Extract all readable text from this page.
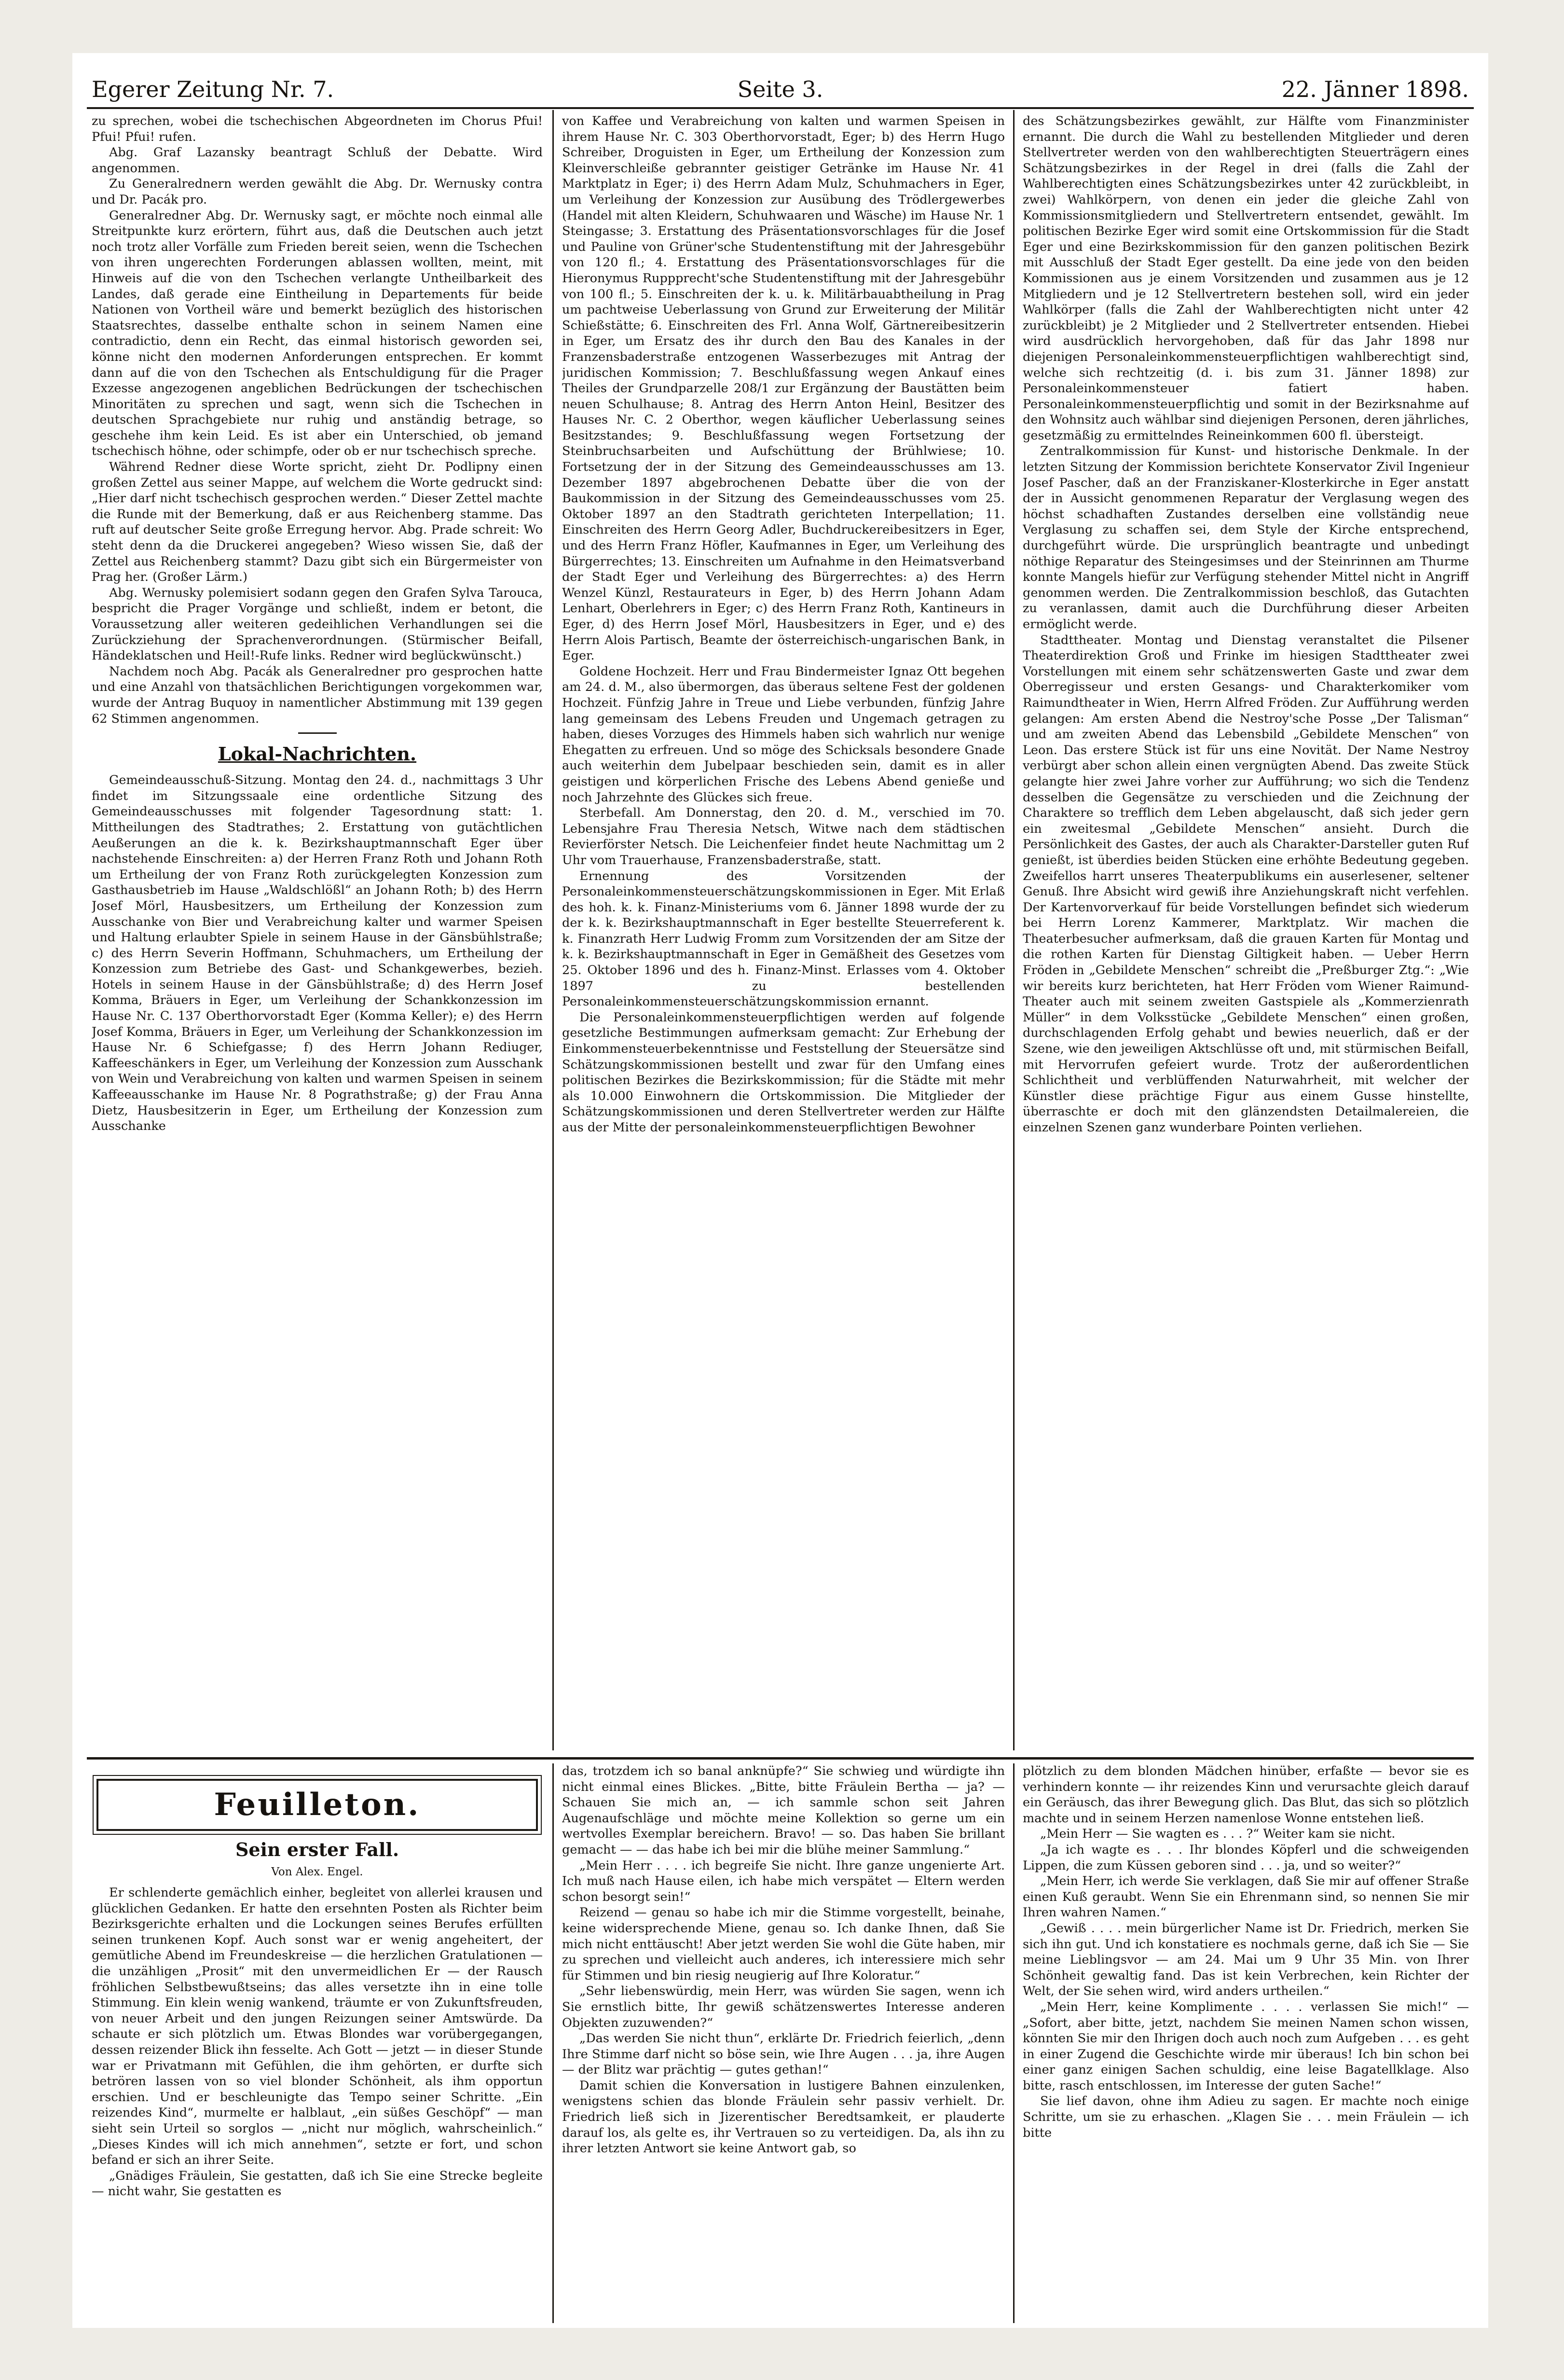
Egerer Zeitung Nr. 7.	Seite 3.	22. Jänner 1898.

zu sprechen, wobei die tschechischen Abgeordneten im Chorus Pfui! Pfui! Pfui! rufen.

Abg. Graf Lazansky beantragt Schluß der Debatte. Wird angenommen.

Zu Generalrednern werden gewählt die Abg. Dr. Wernusky contra und Dr. Pacák pro.

Generalredner Abg. Dr. Wernusky sagt, er möchte noch einmal alle Streitpunkte kurz erörtern, führt aus, daß die Deutschen auch jetzt noch trotz aller Vorfälle zum Frieden bereit seien, wenn die Tschechen von ihren ungerechten Forderungen ablassen wollten, meint, mit Hinweis auf die von den Tschechen verlangte Untheilbarkeit des Landes, daß gerade eine Eintheilung in Departements für beide Nationen von Vortheil wäre und bemerkt bezüglich des historischen Staatsrechtes, dasselbe enthalte schon in seinem Namen eine contradictio, denn ein Recht, das einmal historisch geworden sei, könne nicht den modernen Anforderungen entsprechen. Er kommt dann auf die von den Tschechen als Entschuldigung für die Prager Exzesse angezogenen angeblichen Bedrückungen der tschechischen Minoritäten zu sprechen und sagt, wenn sich die Tschechen in deutschen Sprachgebiete nur ruhig und anständig betrage, so geschehe ihm kein Leid. Es ist aber ein Unterschied, ob jemand tschechisch höhne, oder schimpfe, oder ob er nur tschechisch spreche.

Während Redner diese Worte spricht, zieht Dr. Podlipny einen großen Zettel aus seiner Mappe, auf welchem die Worte gedruckt sind: „Hier darf nicht tschechisch gesprochen werden.“ Dieser Zettel machte die Runde mit der Bemerkung, daß er aus Reichenberg stamme. Das ruft auf deutscher Seite große Erregung hervor. Abg. Prade schreit: Wo steht denn da die Druckerei angegeben? Wieso wissen Sie, daß der Zettel aus Reichenberg stammt? Dazu gibt sich ein Bürgermeister von Prag her. (Großer Lärm.)

Abg. Wernusky polemisiert sodann gegen den Grafen Sylva Tarouca, bespricht die Prager Vorgänge und schließt, indem er betont, die Voraussetzung aller weiteren gedeihlichen Verhandlungen sei die Zurückziehung der Sprachenverordnungen. (Stürmischer Beifall, Händeklatschen und Heil!-Rufe links. Redner wird beglückwünscht.)

Nachdem noch Abg. Pacák als Generalredner pro gesprochen hatte und eine Anzahl von thatsächlichen Berichtigungen vorgekommen war, wurde der Antrag Buquoy in namentlicher Abstimmung mit 139 gegen 62 Stimmen angenommen.

Lokal-Nachrichten.

Gemeindeausschuß-Sitzung. Montag den 24. d., nachmittags 3 Uhr findet im Sitzungssaale eine ordentliche Sitzung des Gemeindeausschusses mit folgender Tagesordnung statt: 1. Mittheilungen des Stadtrathes; 2. Erstattung von gutächtlichen Aeußerungen an die k. k. Bezirkshauptmannschaft Eger über nachstehende Einschreiten: a) der Herren Franz Roth und Johann Roth um Ertheilung der von Franz Roth zurückgelegten Konzession zum Gasthausbetrieb im Hause „Waldschlößl“ an Johann Roth; b) des Herrn Josef Mörl, Hausbesitzers, um Ertheilung der Konzession zum Ausschanke von Bier und Verabreichung kalter und warmer Speisen und Haltung erlaubter Spiele in seinem Hause in der Gänsbühlstraße; c) des Herrn Severin Hoffmann, Schuhmachers, um Ertheilung der Konzession zum Betriebe des Gast- und Schankgewerbes, bezieh. Hotels in seinem Hause in der Gänsbühlstraße; d) des Herrn Josef Komma, Bräuers in Eger, um Verleihung der Schankkonzession im Hause Nr. C. 137 Oberthorvorstadt Eger (Komma Keller); e) des Herrn Josef Komma, Bräuers in Eger, um Verleihung der Schankkonzession im Hause Nr. 6 Schiefgasse; f) des Herrn Johann Rediuger, Kaffeeschänkers in Eger, um Verleihung der Konzession zum Ausschank von Wein und Verabreichung von kalten und warmen Speisen in seinem Kaffeeausschanke im Hause Nr. 8 Pograthstraße; g) der Frau Anna Dietz, Hausbesitzerin in Eger, um Ertheilung der Konzession zum Ausschanke

von Kaffee und Verabreichung von kalten und warmen Speisen in ihrem Hause Nr. C. 303 Oberthorvorstadt, Eger; b) des Herrn Hugo Schreiber, Droguisten in Eger, um Ertheilung der Konzession zum Kleinverschleiße gebrannter geistiger Getränke im Hause Nr. 41 Marktplatz in Eger; i) des Herrn Adam Mulz, Schuhmachers in Eger, um Verleihung der Konzession zur Ausübung des Trödlergewerbes (Handel mit alten Kleidern, Schuhwaaren und Wäsche) im Hause Nr. 1 Steingasse; 3. Erstattung des Präsentationsvorschlages für die Josef und Pauline von Grüner'sche Studentenstiftung mit der Jahresgebühr von 120 fl.; 4. Erstattung des Präsentationsvorschlages für die Hieronymus Ruppprecht'sche Studentenstiftung mit der Jahresgebühr von 100 fl.; 5. Einschreiten der k. u. k. Militärbauabtheilung in Prag um pachtweise Ueberlassung von Grund zur Erweiterung der Militär Schießstätte; 6. Einschreiten des Frl. Anna Wolf, Gärtnereibesitzerin in Eger, um Ersatz des ihr durch den Bau des Kanales in der Franzensbaderstraße entzogenen Wasserbezuges mit Antrag der juridischen Kommission; 7. Beschlußfassung wegen Ankauf eines Theiles der Grundparzelle 208/1 zur Ergänzung der Baustätten beim neuen Schulhause; 8. Antrag des Herrn Anton Heinl, Besitzer des Hauses Nr. C. 2 Oberthor, wegen käuflicher Ueberlassung seines Besitzstandes; 9. Beschlußfassung wegen Fortsetzung der Steinbruchsarbeiten und Aufschüttung der Brühlwiese; 10. Fortsetzung der in der Sitzung des Gemeindeausschusses am 13. Dezember 1897 abgebrochenen Debatte über die von der Baukommission in der Sitzung des Gemeindeausschusses vom 25. Oktober 1897 an den Stadtrath gerichteten Interpellation; 11. Einschreiten des Herrn Georg Adler, Buchdruckereibesitzers in Eger, und des Herrn Franz Höfler, Kaufmannes in Eger, um Verleihung des Bürgerrechtes; 13. Einschreiten um Aufnahme in den Heimatsverband der Stadt Eger und Verleihung des Bürgerrechtes: a) des Herrn Wenzel Künzl, Restaurateurs in Eger, b) des Herrn Johann Adam Lenhart, Oberlehrers in Eger; c) des Herrn Franz Roth, Kantineurs in Eger, d) des Herrn Josef Mörl, Hausbesitzers in Eger, und e) des Herrn Alois Partisch, Beamte der österreichisch-ungarischen Bank, in Eger.

Goldene Hochzeit. Herr und Frau Bindermeister Ignaz Ott begehen am 24. d. M., also übermorgen, das überaus seltene Fest der goldenen Hochzeit. Fünfzig Jahre in Treue und Liebe verbunden, fünfzig Jahre lang gemeinsam des Lebens Freuden und Ungemach getragen zu haben, dieses Vorzuges des Himmels haben sich wahrlich nur wenige Ehegatten zu erfreuen. Und so möge des Schicksals besondere Gnade auch weiterhin dem Jubelpaar beschieden sein, damit es in aller geistigen und körperlichen Frische des Lebens Abend genieße und noch Jahrzehnte des Glückes sich freue.

Sterbefall. Am Donnerstag, den 20. d. M., verschied im 70. Lebensjahre Frau Theresia Netsch, Witwe nach dem städtischen Revierförster Netsch. Die Leichenfeier findet heute Nachmittag um 2 Uhr vom Trauerhause, Franzensbaderstraße, statt.

Ernennung des Vorsitzenden der Personaleinkommensteuerschätzungskommissionen in Eger. Mit Erlaß des hoh. k. k. Finanz-Ministeriums vom 6. Jänner 1898 wurde der zu der k. k. Bezirkshauptmannschaft in Eger bestellte Steuerreferent k. k. Finanzrath Herr Ludwig Fromm zum Vorsitzenden der am Sitze der k. k. Bezirkshauptmannschaft in Eger in Gemäßheit des Gesetzes vom 25. Oktober 1896 und des h. Finanz-Minst. Erlasses vom 4. Oktober 1897 zu bestellenden Personaleinkommensteuerschätzungskommission ernannt.

Die Personaleinkommensteuerpflichtigen werden auf folgende gesetzliche Bestimmungen aufmerksam gemacht: Zur Erhebung der Einkommensteuerbekenntnisse und Feststellung der Steuersätze sind Schätzungskommissionen bestellt und zwar für den Umfang eines politischen Bezirkes die Bezirkskommission; für die Städte mit mehr als 10.000 Einwohnern die Ortskommission. Die Mitglieder der Schätzungskommissionen und deren Stellvertreter werden zur Hälfte aus der Mitte der personaleinkommensteuerpflichtigen Bewohner

des Schätzungsbezirkes gewählt, zur Hälfte vom Finanzminister ernannt. Die durch die Wahl zu bestellenden Mitglieder und deren Stellvertreter werden von den wahlberechtigten Steuerträgern eines Schätzungsbezirkes in der Regel in drei (falls die Zahl der Wahlberechtigten eines Schätzungsbezirkes unter 42 zurückbleibt, in zwei) Wahlkörpern, von denen ein jeder die gleiche Zahl von Kommissionsmitgliedern und Stellvertretern entsendet, gewählt. Im politischen Bezirke Eger wird somit eine Ortskommission für die Stadt Eger und eine Bezirkskommission für den ganzen politischen Bezirk mit Ausschluß der Stadt Eger gestellt. Da eine jede von den beiden Kommissionen aus je einem Vorsitzenden und zusammen aus je 12 Mitgliedern und je 12 Stellvertretern bestehen soll, wird ein jeder Wahlkörper (falls die Zahl der Wahlberechtigten nicht unter 42 zurückbleibt) je 2 Mitglieder und 2 Stellvertreter entsenden. Hiebei wird ausdrücklich hervorgehoben, daß für das Jahr 1898 nur diejenigen Personaleinkommensteuerpflichtigen wahlberechtigt sind, welche sich rechtzeitig (d. i. bis zum 31. Jänner 1898) zur Personaleinkommensteuer fatiert haben. Personaleinkommensteuerpflichtig und somit in der Bezirksnahme auf den Wohnsitz auch wählbar sind diejenigen Personen, deren jährliches, gesetzmäßig zu ermittelndes Reineinkommen 600 fl. übersteigt.

Zentralkommission für Kunst- und historische Denkmale. In der letzten Sitzung der Kommission berichtete Konservator Zivil Ingenieur Josef Pascher, daß an der Franziskaner-Klosterkirche in Eger anstatt der in Aussicht genommenen Reparatur der Verglasung wegen des höchst schadhaften Zustandes derselben eine vollständig neue Verglasung zu schaffen sei, dem Style der Kirche entsprechend, durchgeführt würde. Die ursprünglich beantragte und unbedingt nöthige Reparatur des Steingesimses und der Steinrinnen am Thurme konnte Mangels hiefür zur Verfügung stehender Mittel nicht in Angriff genommen werden. Die Zentralkommission beschloß, das Gutachten zu veranlassen, damit auch die Durchführung dieser Arbeiten ermöglicht werde.

Stadttheater. Montag und Dienstag veranstaltet die Pilsener Theaterdirektion Groß und Frinke im hiesigen Stadttheater zwei Vorstellungen mit einem sehr schätzenswerten Gaste und zwar dem Oberregisseur und ersten Gesangs- und Charakterkomiker vom Raimundtheater in Wien, Herrn Alfred Fröden. Zur Aufführung werden gelangen: Am ersten Abend die Nestroy'sche Posse „Der Talisman“ und am zweiten Abend das Lebensbild „Gebildete Menschen“ von Leon. Das erstere Stück ist für uns eine Novität. Der Name Nestroy verbürgt aber schon allein einen vergnügten Abend. Das zweite Stück gelangte hier zwei Jahre vorher zur Aufführung; wo sich die Tendenz desselben die Gegensätze zu verschieden und die Zeichnung der Charaktere so trefflich dem Leben abgelauscht, daß sich jeder gern ein zweitesmal „Gebildete Menschen“ ansieht. Durch die Persönlichkeit des Gastes, der auch als Charakter-Darsteller guten Ruf genießt, ist überdies beiden Stücken eine erhöhte Bedeutung gegeben. Zweifellos harrt unseres Theaterpublikums ein auserlesener, seltener Genuß. Ihre Absicht wird gewiß ihre Anziehungskraft nicht verfehlen. Der Kartenvorverkauf für beide Vorstellungen befindet sich wiederum bei Herrn Lorenz Kammerer, Marktplatz. Wir machen die Theaterbesucher aufmerksam, daß die grauen Karten für Montag und die rothen Karten für Dienstag Giltigkeit haben. — Ueber Herrn Fröden in „Gebildete Menschen“ schreibt die „Preßburger Ztg.“: „Wie wir bereits kurz berichteten, hat Herr Fröden vom Wiener Raimund-Theater auch mit seinem zweiten Gastspiele als „Kommerzienrath Müller“ in dem Volksstücke „Gebildete Menschen“ einen großen, durchschlagenden Erfolg gehabt und bewies neuerlich, daß er der Szene, wie den jeweiligen Aktschlüsse oft und, mit stürmischen Beifall, mit Hervorrufen gefeiert wurde. Trotz der außerordentlichen Schlichtheit und verblüffenden Naturwahrheit, mit welcher der Künstler diese prächtige Figur aus einem Gusse hinstellte, überraschte er doch mit den glänzendsten Detailmalereien, die einzelnen Szenen ganz wunderbare Pointen verliehen.

Feuilleton.
Sein erster Fall.
Von Alex. Engel.

Er schlenderte gemächlich einher, begleitet von allerlei krausen und glücklichen Gedanken. Er hatte den ersehnten Posten als Richter beim Bezirksgerichte erhalten und die Lockungen seines Berufes erfüllten seinen trunkenen Kopf. Auch sonst war er wenig angeheitert, der gemütliche Abend im Freundeskreise — die herzlichen Gratulationen — die unzähligen „Prosit“ mit den unvermeidlichen Er — der Rausch fröhlichen Selbstbewußtseins; das alles versetzte ihn in eine tolle Stimmung. Ein klein wenig wankend, träumte er von Zukunftsfreuden, von neuer Arbeit und den jungen Reizungen seiner Amtswürde. Da schaute er sich plötzlich um. Etwas Blondes war vorübergegangen, dessen reizender Blick ihn fesselte. Ach Gott — jetzt — in dieser Stunde war er Privatmann mit Gefühlen, die ihm gehörten, er durfte sich betrören lassen von so viel blonder Schönheit, als ihm opportun erschien. Und er beschleunigte das Tempo seiner Schritte. „Ein reizendes Kind“, murmelte er halblaut, „ein süßes Geschöpf“ — man sieht sein Urteil so sorglos — „nicht nur möglich, wahrscheinlich.“ „Dieses Kindes will ich mich annehmen“, setzte er fort, und schon befand er sich an ihrer Seite.

„Gnädiges Fräulein, Sie gestatten, daß ich Sie eine Strecke begleite — nicht wahr, Sie gestatten es

das, trotzdem ich so banal anknüpfe?“ Sie schwieg und würdigte ihn nicht einmal eines Blickes. „Bitte, bitte Fräulein Bertha — ja? — Schauen Sie mich an, — ich sammle schon seit Jahren Augenaufschläge und möchte meine Kollektion so gerne um ein wertvolles Exemplar bereichern. Bravo! — so. Das haben Sie brillant gemacht — — das habe ich bei mir die blühe meiner Sammlung.“

„Mein Herr . . . . ich begreife Sie nicht. Ihre ganze ungenierte Art. Ich muß nach Hause eilen, ich habe mich verspätet — Eltern werden schon besorgt sein!“

Reizend — genau so habe ich mir die Stimme vorgestellt, beinahe, keine widersprechende Miene, genau so. Ich danke Ihnen, daß Sie mich nicht enttäuscht! Aber jetzt werden Sie wohl die Güte haben, mir zu sprechen und vielleicht auch anderes, ich interessiere mich sehr für Stimmen und bin riesig neugierig auf Ihre Koloratur.“

„Sehr liebenswürdig, mein Herr, was würden Sie sagen, wenn ich Sie ernstlich bitte, Ihr gewiß schätzenswertes Interesse anderen Objekten zuzuwenden?“

„Das werden Sie nicht thun“, erklärte Dr. Friedrich feierlich, „denn Ihre Stimme darf nicht so böse sein, wie Ihre Augen . . . ja, ihre Augen — der Blitz war prächtig — gutes gethan!“

Damit schien die Konversation in lustigere Bahnen einzulenken, wenigstens schien das blonde Fräulein sehr passiv verhielt. Dr. Friedrich ließ sich in Jizerentischer Beredtsamkeit, er plauderte darauf los, als gelte es, ihr Vertrauen so zu verteidigen. Da, als ihn zu ihrer letzten Antwort sie keine Antwort gab, so

plötzlich zu dem blonden Mädchen hinüber, erfaßte — bevor sie es verhindern konnte — ihr reizendes Kinn und verursachte gleich darauf ein Geräusch, das ihrer Bewegung glich. Das Blut, das sich so plötzlich machte und in seinem Herzen namenlose Wonne entstehen ließ.

„Mein Herr — Sie wagten es . . . ?“ Weiter kam sie nicht.

„Ja ich wagte es . . . Ihr blondes Köpferl und die schweigenden Lippen, die zum Küssen geboren sind . . . ja, und so weiter?“

„Mein Herr, ich werde Sie verklagen, daß Sie mir auf offener Straße einen Kuß geraubt. Wenn Sie ein Ehrenmann sind, so nennen Sie mir Ihren wahren Namen.“

„Gewiß . . . . mein bürgerlicher Name ist Dr. Friedrich, merken Sie sich ihn gut. Und ich konstatiere es nochmals gerne, daß ich Sie — Sie meine Lieblingsvor — am 24. Mai um 9 Uhr 35 Min. von Ihrer Schönheit gewaltig fand. Das ist kein Verbrechen, kein Richter der Welt, der Sie sehen wird, wird anders urtheilen.“

„Mein Herr, keine Komplimente . . . . verlassen Sie mich!“ — „Sofort, aber bitte, jetzt, nachdem Sie meinen Namen schon wissen, könnten Sie mir den Ihrigen doch auch noch zum Aufgeben . . . es geht in einer Zugend die Geschichte wirde mir überaus! Ich bin schon bei einer ganz einigen Sachen schuldig, eine leise Bagatellklage. Also bitte, rasch entschlossen, im Interesse der guten Sache!“

Sie lief davon, ohne ihm Adieu zu sagen. Er machte noch einige Schritte, um sie zu erhaschen. „Klagen Sie . . . mein Fräulein — ich bitte
